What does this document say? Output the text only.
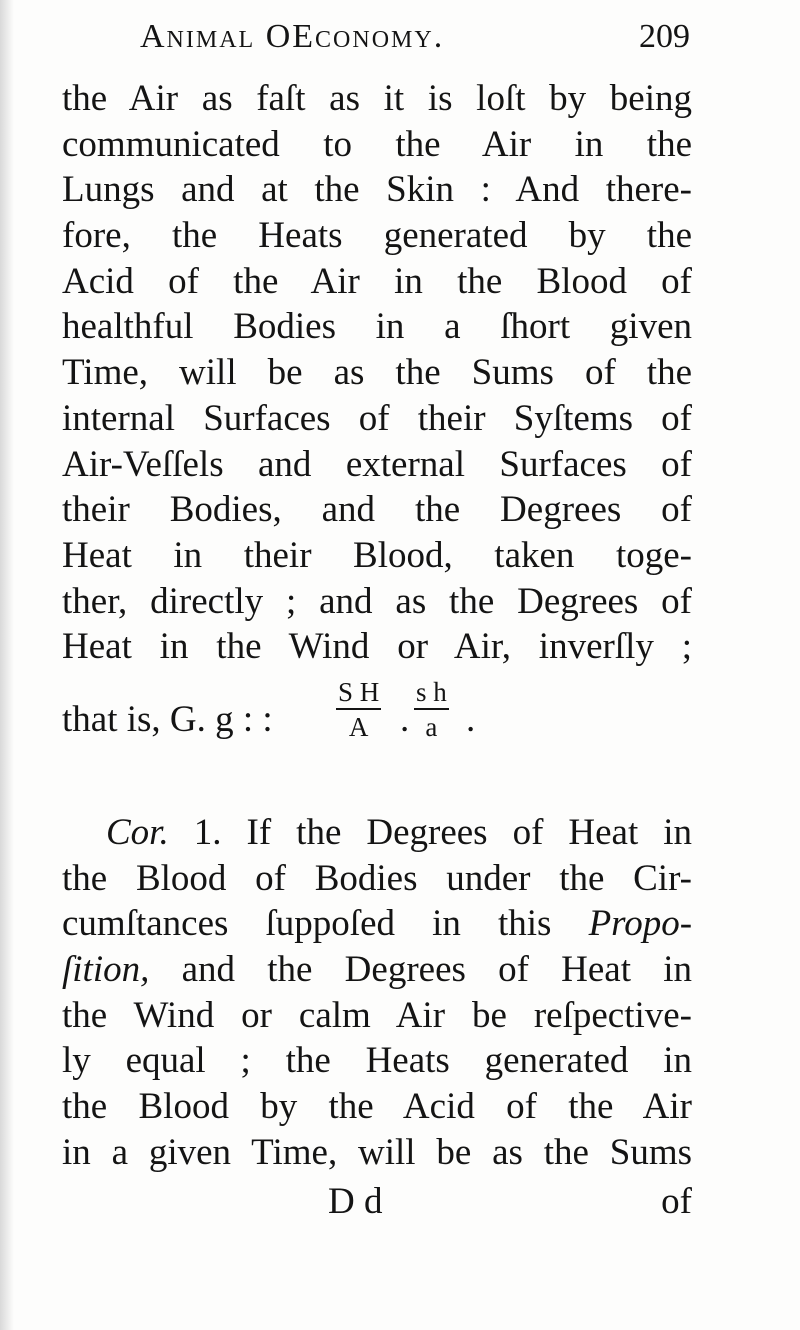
Animal OEconomy.	209
the Air as faſt as it is loſt by being
communicated to the Air in the
Lungs and at the Skin : And there-
fore, the Heats generated by the
Acid of the Air in the Blood of
healthful Bodies in a ſhort given
Time, will be as the Sums of the
internal Surfaces of their Syſtems of
Air-Veſſels and external Surfaces of
their Bodies, and the Degrees of
Heat in their Blood, taken toge-
ther, directly ; and as the Degrees of
Heat in the Wind or Air, inverſly ;
that is, G. g : : $\frac{\text{S H}}{A}$ . $\frac{\text{s h}}{a}$ .
Cor. 1. If the Degrees of Heat in
the Blood of Bodies under the Cir-
cumſtances ſuppoſed in this Propo-
ſition, and the Degrees of Heat in
the Wind or calm Air be reſpective-
ly equal ; the Heats generated in
the Blood by the Acid of the Air
in a given Time, will be as the Sums
D d	of
